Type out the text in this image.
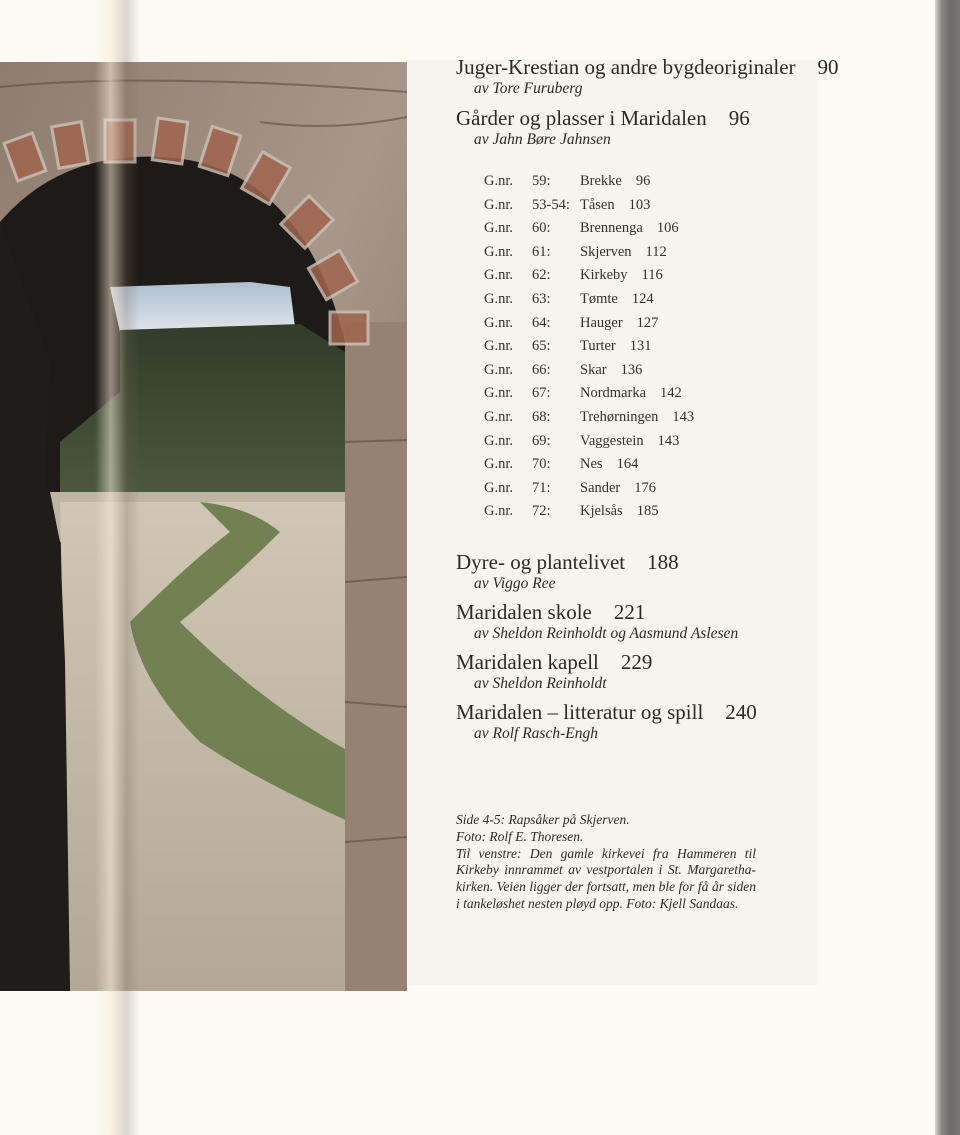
Juger-Krestian og andre bygdeoriginaler 90
av Tore Furuberg
Gårder og plasser i Maridalen 96
av Jahn Børe Jahnsen
G.nr.	59:	Brekke 96
G.nr.	53-54: Tåsen 103
G.nr.	60:	Brennenga 106
G.nr.	61:	Skjerven 112
G.nr.	62:	Kirkeby 116
G.nr.	63:	Tømte 124
G.nr.	64:	Hauger 127
G.nr.	65:	Turter 131
G.nr.	66:	Skar 136
G.nr.	67:	Nordmarka 142
G.nr.	68:	Trehørningen 143
G.nr.	69:	Vaggestein 143
G.nr.	70:	Nes 164
G.nr.	71:	Sander 176
G.nr.	72:	Kjelsås 185
Dyre- og plantelivet 188
av Viggo Ree
Maridalen skole 221
av Sheldon Reinholdt og Aasmund Aslesen
Maridalen kapell 229
av Sheldon Reinholdt
Maridalen – litteratur og spill 240
av Rolf Rasch-Engh

Side 4-5: Rapsåker på Skjerven.

Foto: Rolf E. Thoresen.

Til venstre: Den gamle kirkevei fra Hammeren til Kirkeby innrammet av vestportalen i St. Margaretha-kirken. Veien ligger der fortsatt, men ble for få år siden i tankeløshet nesten pløyd opp. Foto: Kjell Sandaas.
